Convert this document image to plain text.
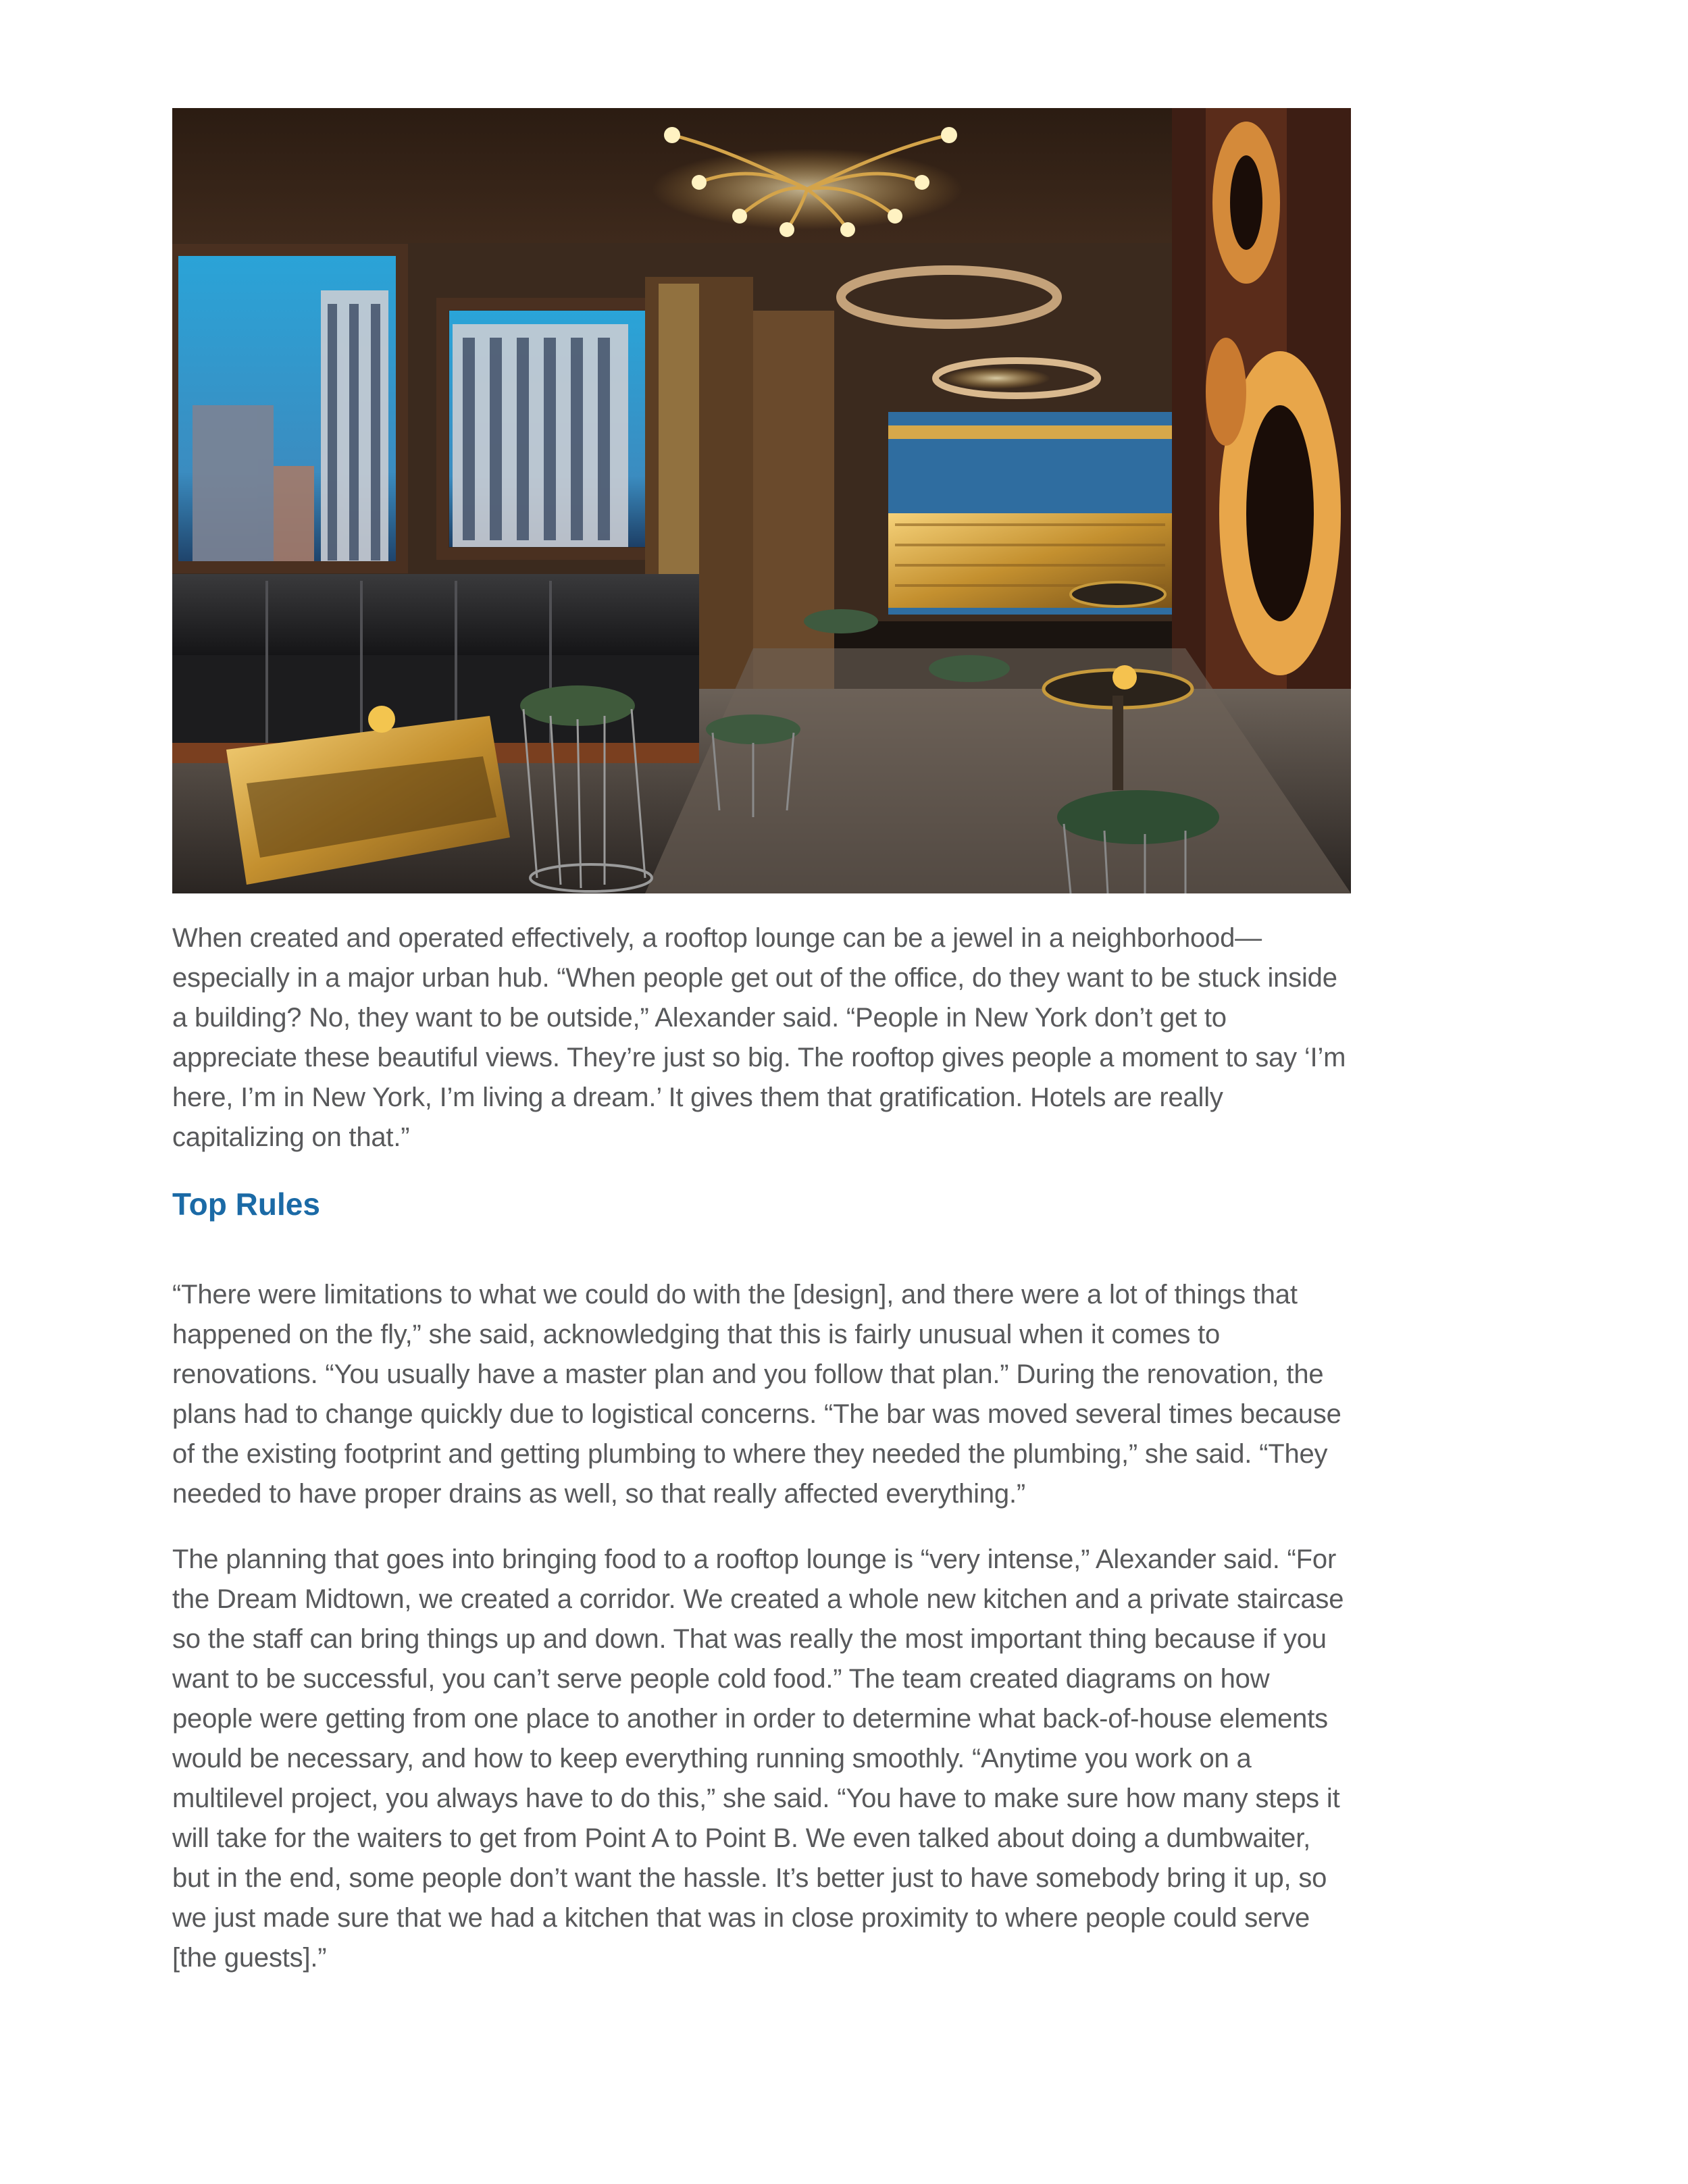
When created and operated effectively, a rooftop lounge can be a jewel in a neighborhood— especially in a major urban hub. “When people get out of the office, do they want to be stuck inside a building? No, they want to be outside,” Alexander said. “People in New York don’t get to appreciate these beautiful views. They’re just so big. The rooftop gives people a moment to say ‘I’m here, I’m in New York, I’m living a dream.’ It gives them that gratification. Hotels are really capitalizing on that.”

Top Rules

“There were limitations to what we could do with the [design], and there were a lot of things that happened on the fly,” she said, acknowledging that this is fairly unusual when it comes to renovations. “You usually have a master plan and you follow that plan.” During the renovation, the plans had to change quickly due to logistical concerns. “The bar was moved several times because of the existing footprint and getting plumbing to where they needed the plumbing,” she said. “They needed to have proper drains as well, so that really affected everything.”

The planning that goes into bringing food to a rooftop lounge is “very intense,” Alexander said. “For the Dream Midtown, we created a corridor. We created a whole new kitchen and a private staircase so the staff can bring things up and down. That was really the most important thing because if you want to be successful, you can’t serve people cold food.” The team created diagrams on how people were getting from one place to another in order to determine what back-of-house elements would be necessary, and how to keep everything running smoothly. “Anytime you work on a multilevel project, you always have to do this,” she said. “You have to make sure how many steps it will take for the waiters to get from Point A to Point B. We even talked about doing a dumbwaiter, but in the end, some people don’t want the hassle. It’s better just to have somebody bring it up, so we just made sure that we had a kitchen that was in close proximity to where people could serve [the guests].”
